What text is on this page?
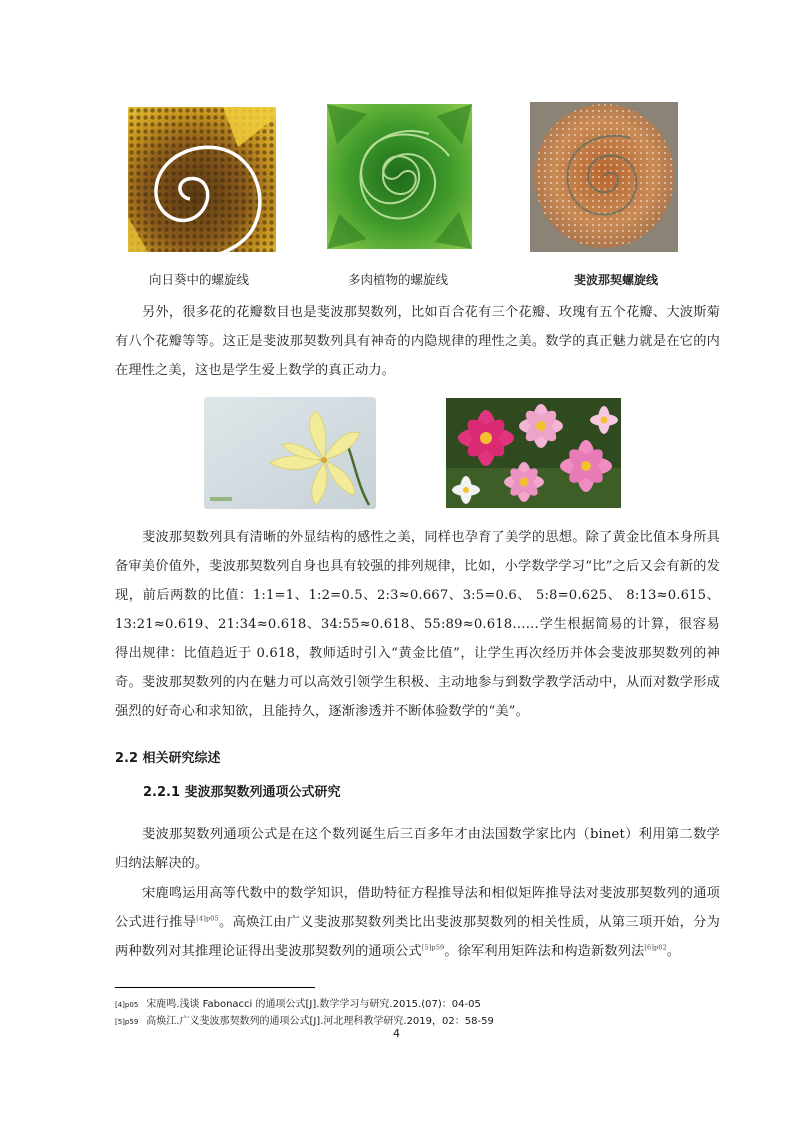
向日葵中的螺旋线	多肉植物的螺旋线	斐波那契螺旋线

另外，很多花的花瓣数目也是斐波那契数列，比如百合花有三个花瓣、玫瑰有五个花瓣、大波斯菊有八个花瓣等等。这正是斐波那契数列具有神奇的内隐规律的理性之美。数学的真正魅力就是在它的内在理性之美，这也是学生爱上数学的真正动力。

斐波那契数列具有清晰的外显结构的感性之美，同样也孕育了美学的思想。除了黄金比值本身所具备审美价值外，斐波那契数列自身也具有较强的排列规律，比如，小学数学学习“比”之后又会有新的发现，前后两数的比值：1:1=1、1:2=0.5、2:3≈0.667、3:5=0.6、 5:8=0.625、 8:13≈0.615、13:21≈0.619、21:34≈0.618、34:55≈0.618、55:89≈0.618……学生根据简易的计算，很容易得出规律：比值趋近于 0.618，教师适时引入“黄金比值”，让学生再次经历并体会斐波那契数列的神奇。斐波那契数列的内在魅力可以高效引领学生积极、主动地参与到数学教学活动中，从而对数学形成强烈的好奇心和求知欲，且能持久，逐渐渗透并不断体验数学的“美”。

2.2 相关研究综述
2.2.1 斐波那契数列通项公式研究

斐波那契数列通项公式是在这个数列诞生后三百多年才由法国数学家比内（binet）利用第二数学归纳法解决的。

宋鹿鸣运用高等代数中的数学知识，借助特征方程推导法和相似矩阵推导法对斐波那契数列的通项公式进行推导$^{[4]p05}$。高焕江由广义斐波那契数列类比出斐波那契数列的相关性质，从第三项开始，分为两种数列对其推理论证得出斐波那契数列的通项公式$^{[5]p59}$。徐军利用矩阵法和构造新数列法$^{[6]p02}$。

[4]p05 宋鹿鸣.浅谈 Fabonacci 的通项公式[J].数学学习与研究.2015.(07)：04-05
[5]p59 高焕江.广义斐波那契数列的通项公式[J].河北理科教学研究.2019，02：58-59
4
